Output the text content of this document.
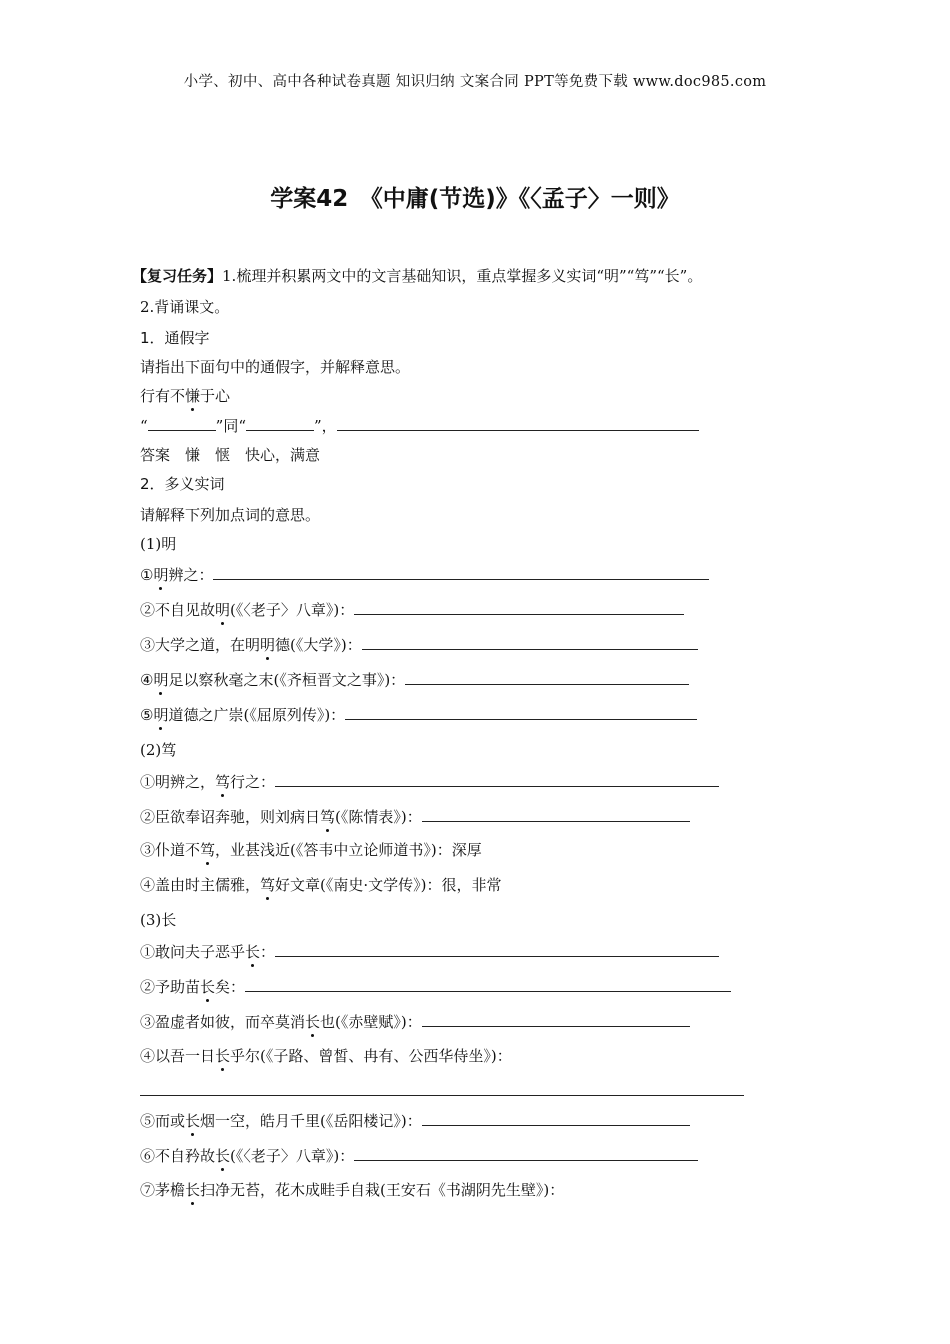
小学、初中、高中各种试卷真题 知识归纳 文案合同 PPT等免费下载 www.doc985.com
学案42　《中庸(节选)》《〈孟子〉一则》
【复习任务】1.梳理并积累两文中的文言基础知识，重点掌握多义实词“明”“笃”“长”。
2.背诵课文。
1．通假字
请指出下面句中的通假字，并解释意思。
行有不慊于心
“	”同“	”，
答案　 慊　惬　快心，满意
2．多义实词
请解释下列加点词的意思。
(1)明
①明辨之：
②不自见故明(《〈老子〉八章》)：
③大学之道，在明明德(《大学》)：
④明足以察秋毫之末(《齐桓晋文之事》)：
⑤明道德之广崇(《屈原列传》)：
(2)笃
①明辨之，笃行之：
②臣欲奉诏奔驰，则刘病日笃(《陈情表》)：
③仆道不笃，业甚浅近(《答韦中立论师道书》)：深厚
④盖由时主儒雅，笃好文章(《南史·文学传》)：很，非常
(3)长
①敢问夫子恶乎长：
②予助苗长矣：
③盈虚者如彼，而卒莫消长也(《赤壁赋》)：
④以吾一日长乎尔(《子路、曾皙、冉有、公西华侍坐》)：
⑤而或长烟一空，皓月千里(《岳阳楼记》)：
⑥不自矜故长(《〈老子〉八章》)：
⑦茅檐长扫净无苔，花木成畦手自栽(王安石《书湖阴先生壁》)：
